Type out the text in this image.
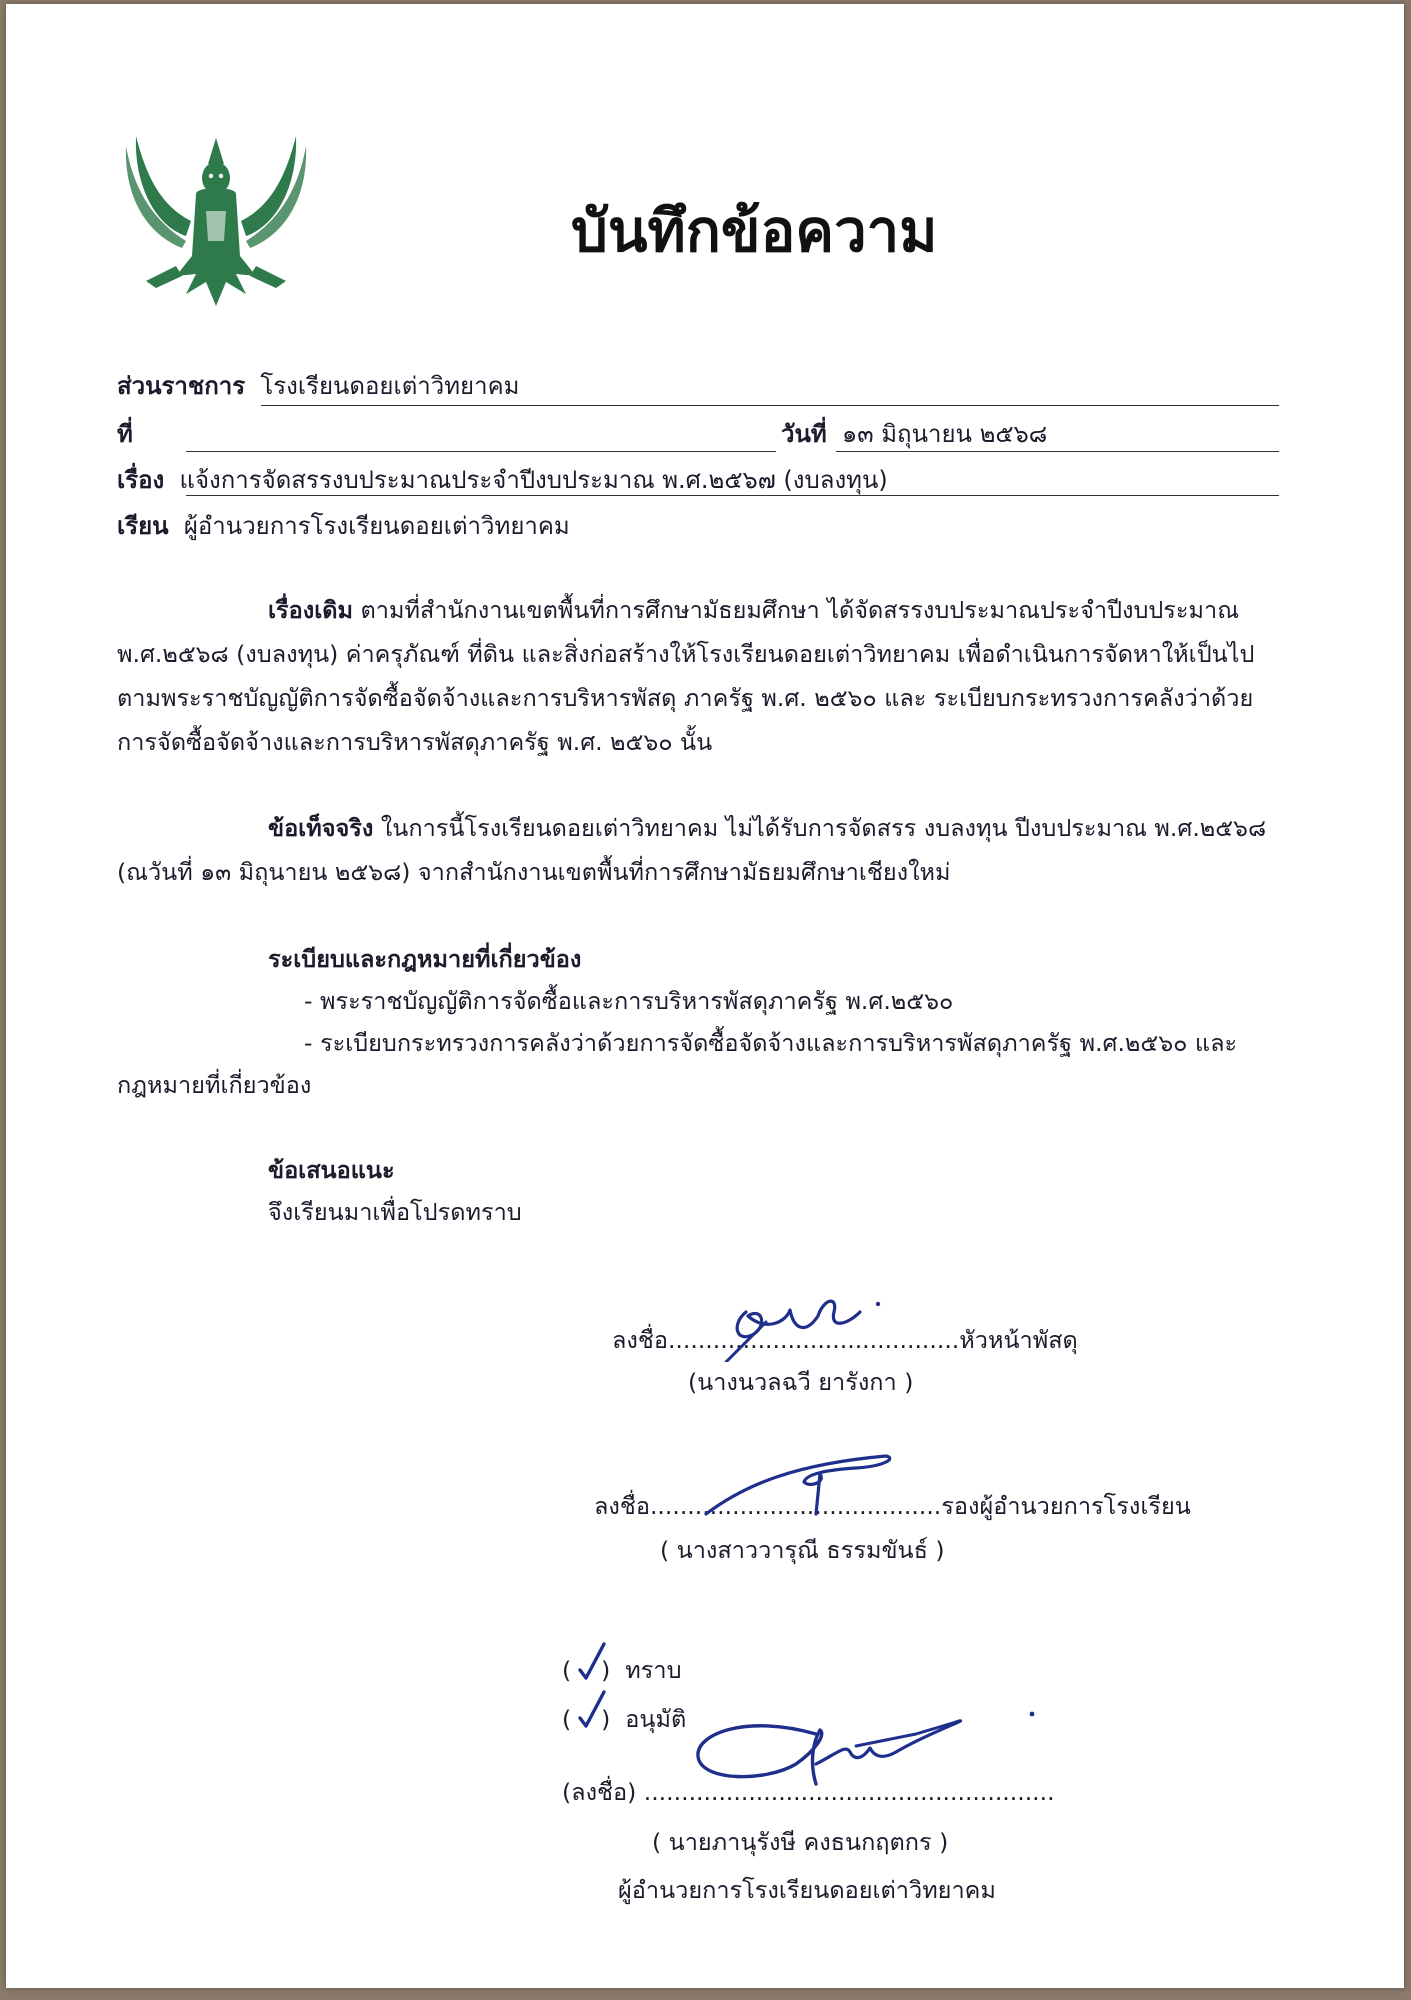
บันทึกข้อความ
ส่วนราชการ โรงเรียนดอยเต่าวิทยาคม
ที่	วันที่ ๑๓ มิถุนายน ๒๕๖๘
เรื่อง แจ้งการจัดสรรงบประมาณประจำปีงบประมาณ พ.ศ.๒๕๖๗ (งบลงทุน)
เรียน ผู้อำนวยการโรงเรียนดอยเต่าวิทยาคม
เรื่องเดิม ตามที่สำนักงานเขตพื้นที่การศึกษามัธยมศึกษา ได้จัดสรรงบประมาณประจำปีงบประมาณ
พ.ศ.๒๕๖๘ (งบลงทุน) ค่าครุภัณฑ์ ที่ดิน และสิ่งก่อสร้างให้โรงเรียนดอยเต่าวิทยาคม เพื่อดำเนินการจัดหาให้เป็นไป
ตามพระราชบัญญัติการจัดซื้อจัดจ้างและการบริหารพัสดุ ภาครัฐ พ.ศ. ๒๕๖๐ และ ระเบียบกระทรวงการคลังว่าด้วย
การจัดซื้อจัดจ้างและการบริหารพัสดุภาครัฐ พ.ศ. ๒๕๖๐ นั้น
ข้อเท็จจริง ในการนี้โรงเรียนดอยเต่าวิทยาคม ไม่ได้รับการจัดสรร งบลงทุน ปีงบประมาณ พ.ศ.๒๕๖๘
(ณวันที่ ๑๓ มิถุนายน ๒๕๖๘) จากสำนักงานเขตพื้นที่การศึกษามัธยมศึกษาเชียงใหม่
ระเบียบและกฎหมายที่เกี่ยวข้อง
- พระราชบัญญัติการจัดซื้อและการบริหารพัสดุภาครัฐ พ.ศ.๒๕๖๐
- ระเบียบกระทรวงการคลังว่าด้วยการจัดซื้อจัดจ้างและการบริหารพัสดุภาครัฐ พ.ศ.๒๕๖๐ และ
กฎหมายที่เกี่ยวข้อง
ข้อเสนอแนะ
จึงเรียนมาเพื่อโปรดทราบ
ลงชื่อ.......................................หัวหน้าพัสดุ
(นางนวลฉวี ยารังกา )
ลงชื่อ.......................................รองผู้อำนวยการโรงเรียน
( นางสาววารุณี ธรรมขันธ์ )
( ) ทราบ
( ) อนุมัติ
(ลงชื่อ) .......................................................
( นายภานุรังษี คงธนกฤตกร )
ผู้อำนวยการโรงเรียนดอยเต่าวิทยาคม
